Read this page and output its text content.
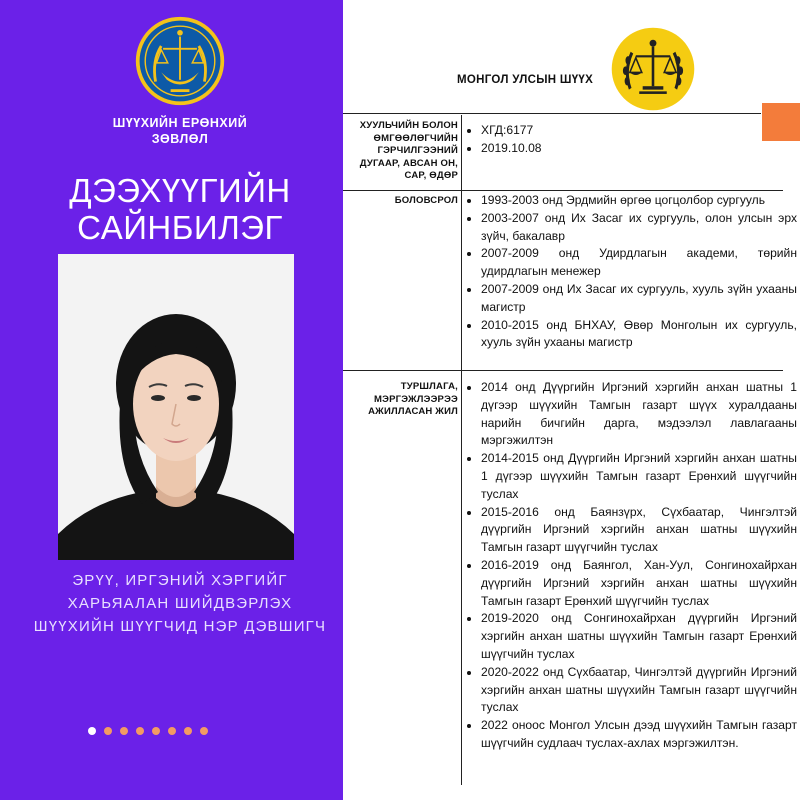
ШҮҮХИЙН ЕРӨНХИЙ
ЗӨВЛӨЛ
ДЭЭХҮҮГИЙН
САЙНБИЛЭГ
ЭРҮҮ, ИРГЭНИЙ ХЭРГИЙГ
ХАРЬЯАЛАН ШИЙДВЭРЛЭХ
ШҮҮХИЙН ШҮҮГЧИД НЭР ДЭВШИГЧ
МОНГОЛ УЛСЫН ШҮҮХ
ХУУЛЬЧИЙН БОЛОН
ӨМГӨӨЛӨГЧИЙН
ГЭРЧИЛГЭЭНИЙ
ДУГААР, АВСАН ОН,
САР, ӨДӨР
• ХГД:6177
• 2019.10.08
БОЛОВСРОЛ
• 1993-2003 онд Эрдмийн өргөө цогцолбор сургууль
• 2003-2007 онд Их Засаг их сургууль, олон улсын эрх зүйч, бакалавр
• 2007-2009 онд Удирдлагын академи, төрийн удирдлагын менежер
• 2007-2009 онд Их Засаг их сургууль, хууль зүйн ухааны магистр
• 2010-2015 онд БНХАУ, Өвөр Монголын их сургууль, хууль зүйн ухааны магистр
ТУРШЛАГА,
МЭРГЭЖЛЭЭРЭЭ
АЖИЛЛАСАН ЖИЛ
• 2014 онд Дүүргийн Иргэний хэргийн анхан шатны 1 дүгээр шүүхийн Тамгын газарт шүүх хуралдааны нарийн бичгийн дарга, мэдээлэл лавлагааны мэргэжилтэн
• 2014-2015 онд Дүүргийн Иргэний хэргийн анхан шатны 1 дүгээр шүүхийн Тамгын газарт Ерөнхий шүүгчийн туслах
• 2015-2016 онд Баянзүрх, Сүхбаатар, Чингэлтэй дүүргийн Иргэний хэргийн анхан шатны шүүхийн Тамгын газарт шүүгчийн туслах
• 2016-2019 онд Баянгол, Хан-Уул, Сонгинохайрхан дүүргийн Иргэний хэргийн анхан шатны шүүхийн Тамгын газарт Ерөнхий шүүгчийн туслах
• 2019-2020 онд Сонгинохайрхан дүүргийн Иргэний хэргийн анхан шатны шүүхийн Тамгын газарт Ерөнхий шүүгчийн туслах
• 2020-2022 онд Сүхбаатар, Чингэлтэй дүүргийн Иргэний хэргийн анхан шатны шүүхийн Тамгын газарт шүүгчийн туслах
• 2022 оноос Монгол Улсын дээд шүүхийн Тамгын газарт шүүгчийн судлаач туслах-ахлах мэргэжилтэн.
